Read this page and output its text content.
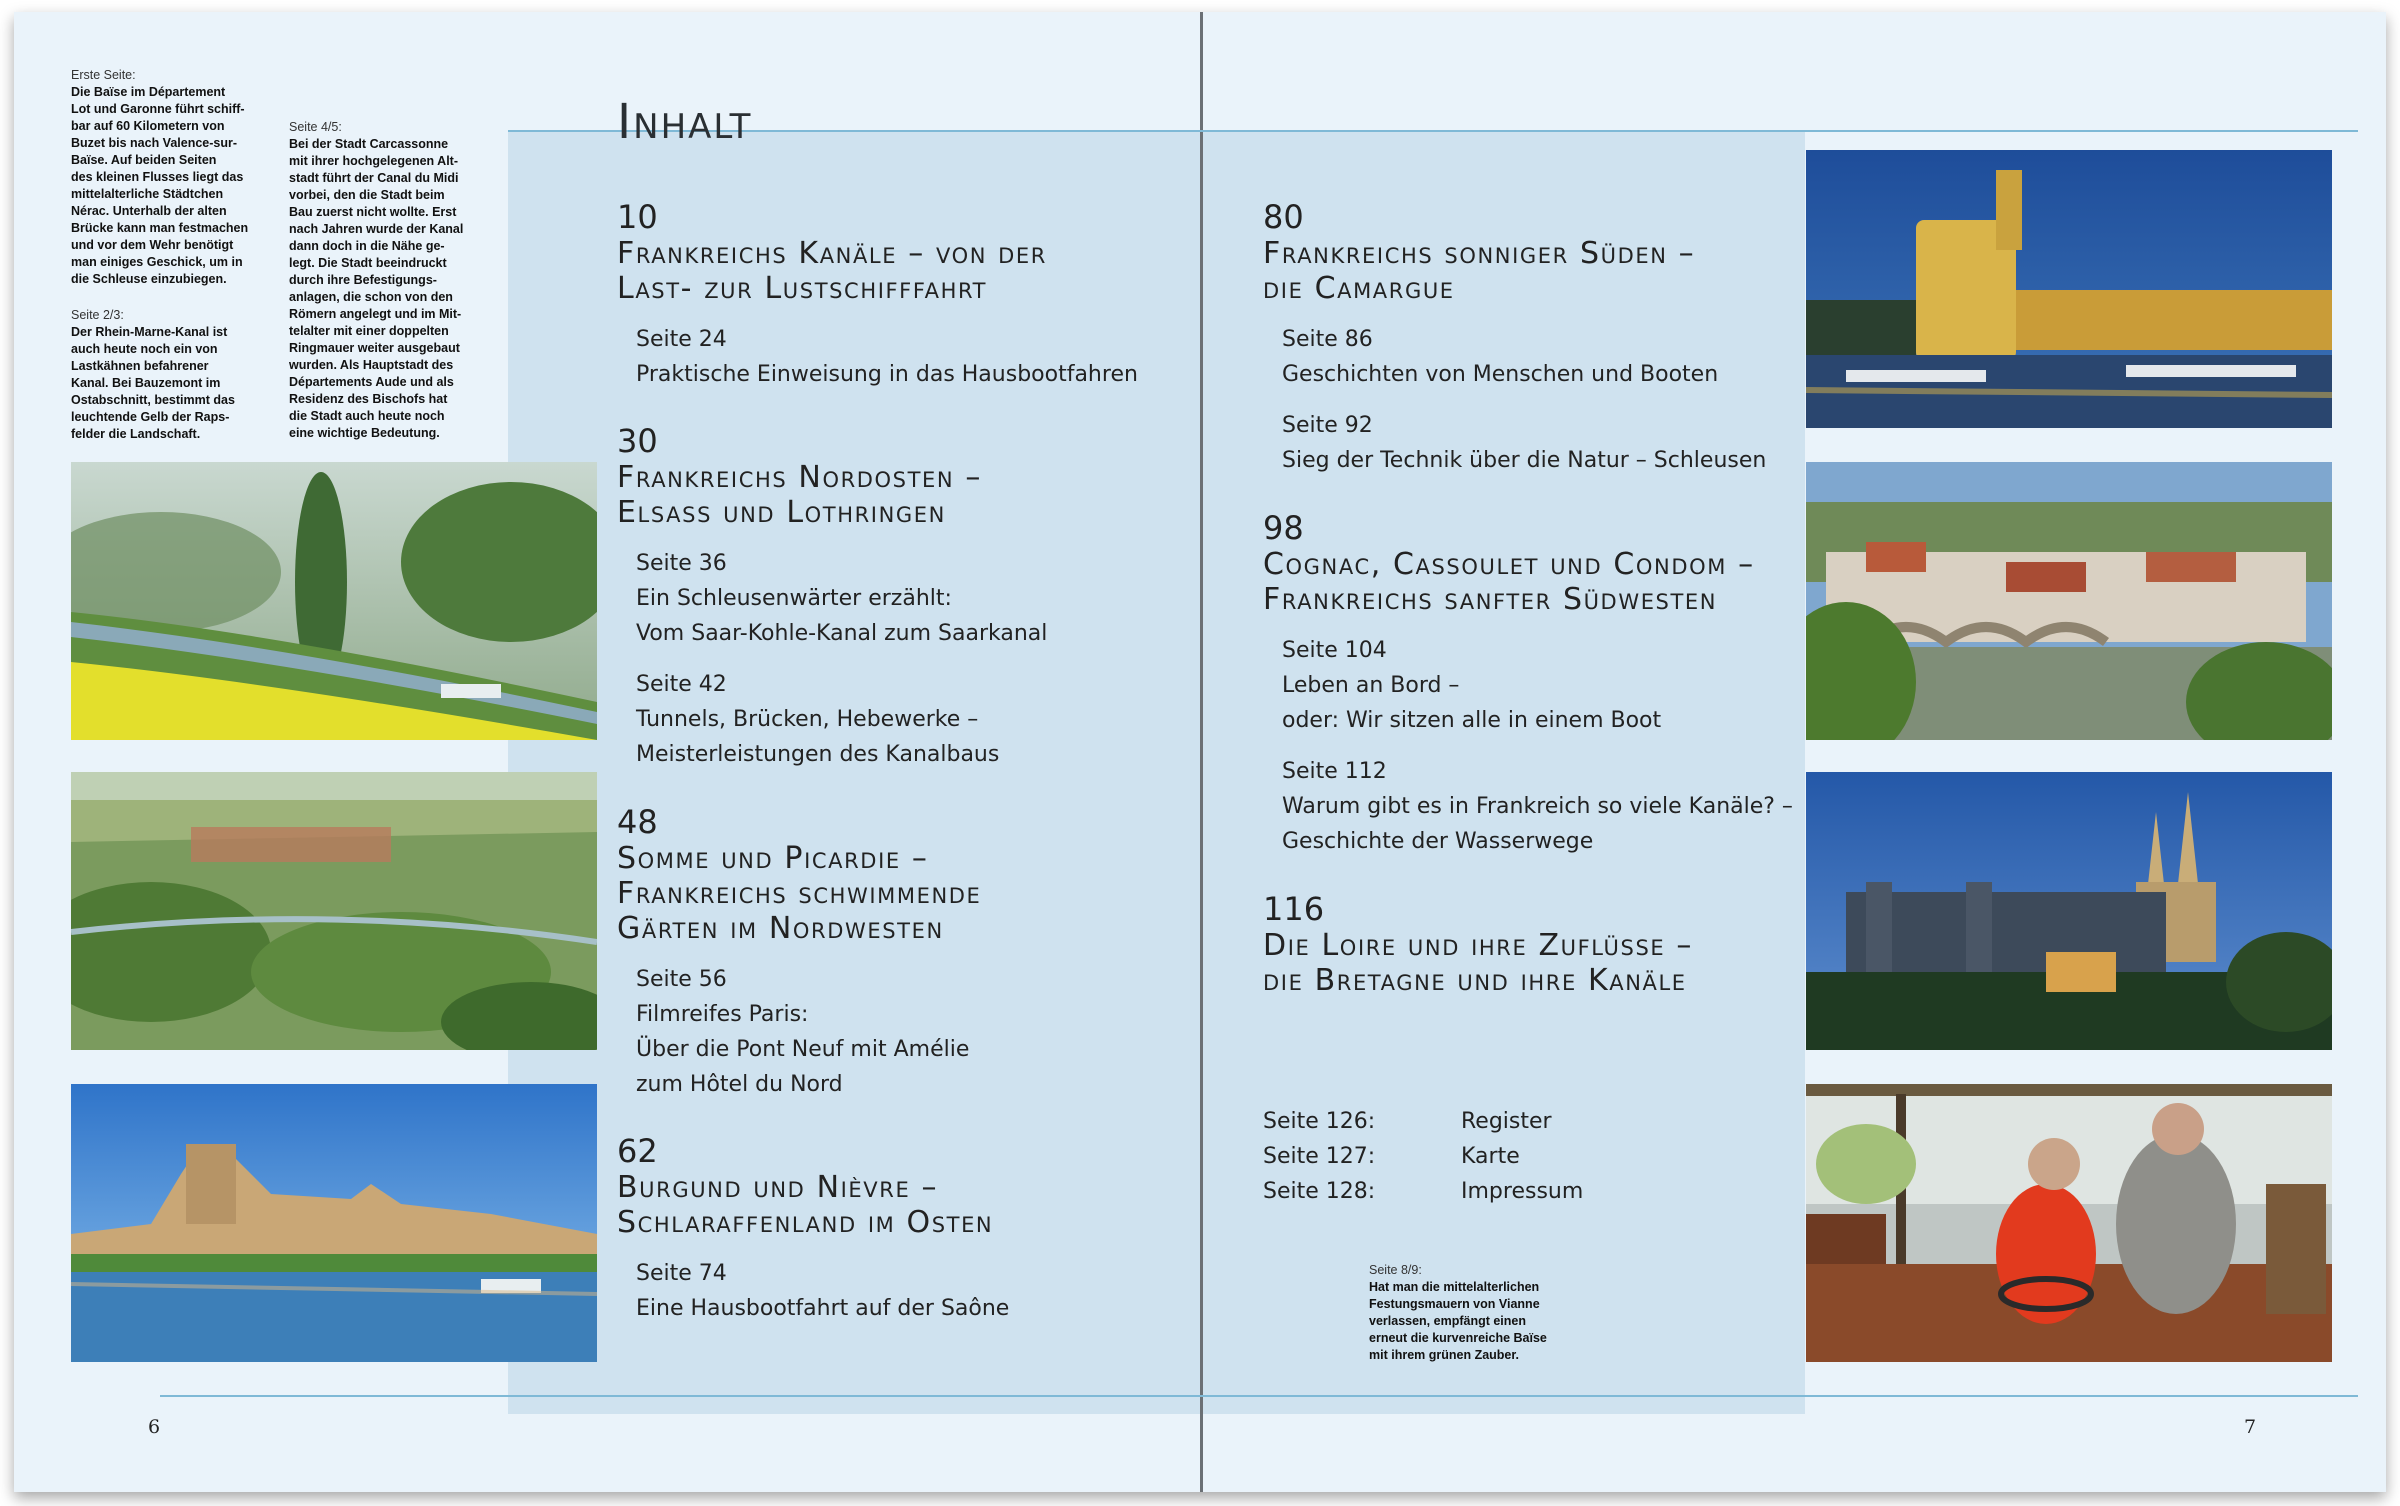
Erste Seite:
Die Baïse im Département
Lot und Garonne führt schiff-
bar auf 60 Kilometern von
Buzet bis nach Valence-sur-
Baïse. Auf beiden Seiten
des kleinen Flusses liegt das
mittelalterliche Städtchen
Nérac. Unterhalb der alten
Brücke kann man festmachen
und vor dem Wehr benötigt
man einiges Geschick, um in
die Schleuse einzubiegen.
Seite 2/3:
Der Rhein-Marne-Kanal ist
auch heute noch ein von
Lastkähnen befahrener
Kanal. Bei Bauzemont im
Ostabschnitt, bestimmt das
leuchtende Gelb der Raps-
felder die Landschaft.
Seite 4/5:
Bei der Stadt Carcassonne
mit ihrer hochgelegenen Alt-
stadt führt der Canal du Midi
vorbei, den die Stadt beim
Bau zuerst nicht wollte. Erst
nach Jahren wurde der Kanal
dann doch in die Nähe ge-
legt. Die Stadt beeindruckt
durch ihre Befestigungs-
anlagen, die schon von den
Römern angelegt und im Mit-
telalter mit einer doppelten
Ringmauer weiter ausgebaut
wurden. Als Hauptstadt des
Départements Aude und als
Residenz des Bischofs hat
die Stadt auch heute noch
eine wichtige Bedeutung.
Seite 8/9:
Hat man die mittelalterlichen
Festungsmauern von Vianne
verlassen, empfängt einen
erneut die kurvenreiche Baïse
mit ihrem grünen Zauber.
Inhalt
10
Frankreichs Kanäle – von der
Last- zur Lustschifffahrt
Seite 24
Praktische Einweisung in das Hausbootfahren
30
Frankreichs Nordosten –
Elsass und Lothringen
Seite 36
Ein Schleusenwärter erzählt:
Vom Saar-Kohle-Kanal zum Saarkanal
Seite 42
Tunnels, Brücken, Hebewerke –
Meisterleistungen des Kanalbaus
48
Somme und Picardie –
Frankreichs schwimmende
Gärten im Nordwesten
Seite 56
Filmreifes Paris:
Über die Pont Neuf mit Amélie
zum Hôtel du Nord
62
Burgund und Nièvre –
Schlaraffenland im Osten
Seite 74
Eine Hausbootfahrt auf der Saône
80
Frankreichs sonniger Süden –
die Camargue
Seite 86
Geschichten von Menschen und Booten
Seite 92
Sieg der Technik über die Natur – Schleusen
98
Cognac, Cassoulet und Condom –
Frankreichs sanfter Südwesten
Seite 104
Leben an Bord –
oder: Wir sitzen alle in einem Boot
Seite 112
Warum gibt es in Frankreich so viele Kanäle? –
Geschichte der Wasserwege
116
Die Loire und ihre Zuflüsse –
die Bretagne und ihre Kanäle
Seite 126:	Register
Seite 127:	Karte
Seite 128:	Impressum
6	7
